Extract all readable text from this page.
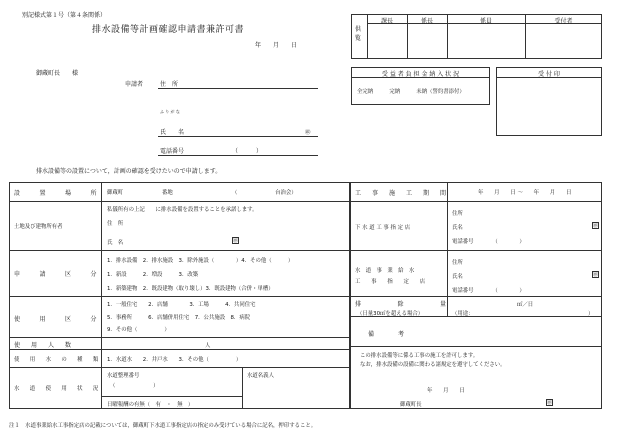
別記様式第１号（第４条関係）
排水設備等計画確認申請書兼許可書
年　　月　　日
御蔵町長　　様
申請者	住　所
ふ り が な
氏　　名	㊞
電話番号	（　　　）
排水設備等の設置について，計画の確認を受けたいので申請します。
供覧
課長	係長	係員	受付者
受 益 者 負 担 金 納 入 状 況
全完納　　　完納　　　未納（誓約書添付）
受 付 印
設　　置　　場　　所 御蔵町	番地	（　　　　　　　台治会）
土地及び建物所有者
私儀所有の上記　　に排水設備を設置することを承諾します。
住　所
氏　名	㊞
申　　請　　区　　分
1．排水設備　2．排水施設　3．除外施設（　　　　）4．その他（　　　）
1．新設　　　2．増設　　　3．改築
1．新築建物　2．既設建物（取り壊し）3．既設建物（合併・単槽）
使　　用　　区　　分
1．一般住宅　　2．店舗　　　　3．工場　　　4．共同住宅
5．事務所　　　6．店舗併用住宅　7．公共施設　8．病院
9．その他（　　　　　）
使　用　人　数	人
使　用　水　の　種　類 1．水道水　　2．井戸水　　3．その他（　　　　　）
水　道　使　用　状　況
水道整理番号
（　　　　　　　）
水道名義人
日曜報酬の有無（　有　・　無　）
工　事　施　工　期　間	年　　月　　日 ～　　年　　月　　日
下 水 道 工 事 指 定 店
住所
氏名
電話番号　　　　（　　　　）
㊞
水　道　事　業　給　水
工　　事　　指　　定　　店
住所
氏名
電話番号　　　　（　　　　）
㊞
排　　　　除　　　　量
（日量30㎥を超える場合）
㎥／日
（用途：	）
備　　　　考
この排水設備等に係る工事の施工を許可します。
なお，排水設備の設備に関わる諸規定を遵守してください。
年　　月　　日
御蔵町長	㊞
注１　水道事業給水工事指定店の記載については，御蔵町下水道工事指定店の指定のみ受けている場合に記名，押印すること。
